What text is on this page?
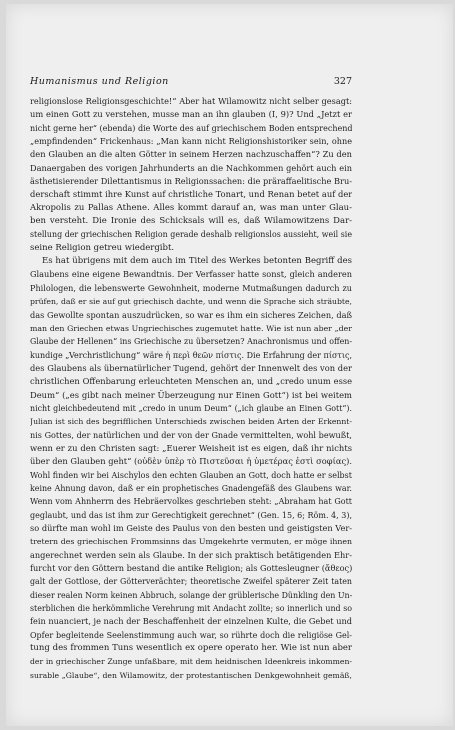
Humanismus und Religion	327
religionslose Religionsgeschichte!“ Aber hat Wilamowitz nicht selber gesagt:
um einen Gott zu verstehen, musse man an ihn glauben (I, 9)? Und „Jetzt er
nicht gerne her“ (ebenda) die Worte des auf griechischem Boden entsprechend
„empfindenden“ Frickenhaus: „Man kann nicht Religionshistoriker sein, ohne
den Glauben an die alten Götter in seinem Herzen nachzuschaffen“? Zu den
Danaergaben des vorigen Jahrhunderts an die Nachkommen gehört auch ein
ästhetisierender Dilettantismus in Religionssachen: die präraffaelitische Bru-
derschaft stimmt ihre Kunst auf christliche Tonart, und Renan betet auf der
Akropolis zu Pallas Athene. Alles kommt darauf an, was man unter Glau-
ben versteht. Die Ironie des Schicksals will es, daß Wilamowitzens Dar-
stellung der griechischen Religion gerade deshalb religionslos aussieht, weil sie
seine Religion getreu wiedergibt.
Es hat übrigens mit dem auch im Titel des Werkes betonten Begriff des
Glaubens eine eigene Bewandtnis. Der Verfasser hatte sonst, gleich anderen
Philologen, die lebenswerte Gewohnheit, moderne Mutmaßungen dadurch zu
prüfen, daß er sie auf gut griechisch dachte, und wenn die Sprache sich sträubte,
das Gewollte spontan auszudrücken, so war es ihm ein sicheres Zeichen, daß
man den Griechen etwas Ungriechisches zugemutet hatte. Wie ist nun aber „der
Glaube der Hellenen“ ins Griechische zu übersetzen? Anachronismus und offen-
kundige „Verchristlichung“ wäre ἡ περὶ θεῶν πίστις. Die Erfahrung der πίστις,
des Glaubens als übernatürlicher Tugend, gehört der Innenwelt des von der
christlichen Offenbarung erleuchteten Menschen an, und „credo unum esse
Deum“ („es gibt nach meiner Überzeugung nur Einen Gott“) ist bei weitem
nicht gleichbedeutend mit „credo in unum Deum“ („ich glaube an Einen Gott“).
Julian ist sich des begrifflichen Unterschieds zwischen beiden Arten der Erkennt-
nis Gottes, der natürlichen und der von der Gnade vermittelten, wohl bewußt,
wenn er zu den Christen sagt: „Euerer Weisheit ist es eigen, daß ihr nichts
über den Glauben geht“ (οὐδὲν ὑπὲρ τὸ Πιστεῦσαι ἡ ὑμετέρας ἐστὶ σοφίας).
Wohl finden wir bei Aischylos den echten Glauben an Gott, doch hatte er selbst
keine Ahnung davon, daß er ein prophetisches Gnadengefäß des Glaubens war.
Wenn vom Ahnherrn des Hebräervolkes geschrieben steht: „Abraham hat Gott
geglaubt, und das ist ihm zur Gerechtigkeit gerechnet“ (Gen. 15, 6; Röm. 4, 3),
so dürfte man wohl im Geiste des Paulus von den besten und geistigsten Ver-
tretern des griechischen Frommsinns das Umgekehrte vermuten, er möge ihnen
angerechnet werden sein als Glaube. In der sich praktisch betätigenden Ehr-
furcht vor den Göttern bestand die antike Religion; als Gottesleugner (ἄθεος)
galt der Gottlose, der Götterverächter; theoretische Zweifel späterer Zeit taten
dieser realen Norm keinen Abbruch, solange der grüblerische Dünkling den Un-
sterblichen die herkömmliche Verehrung mit Andacht zollte; so innerlich und so
fein nuanciert, je nach der Beschaffenheit der einzelnen Kulte, die Gebet und
Opfer begleitende Seelenstimmung auch war, so rührte doch die religiöse Gel-
tung des frommen Tuns wesentlich ex opere operato her. Wie ist nun aber
der in griechischer Zunge unfaßbare, mit dem heidnischen Ideenkreis inkommen-
surable „Glaube“, den Wilamowitz, der protestantischen Denkgewohnheit gemäß,
